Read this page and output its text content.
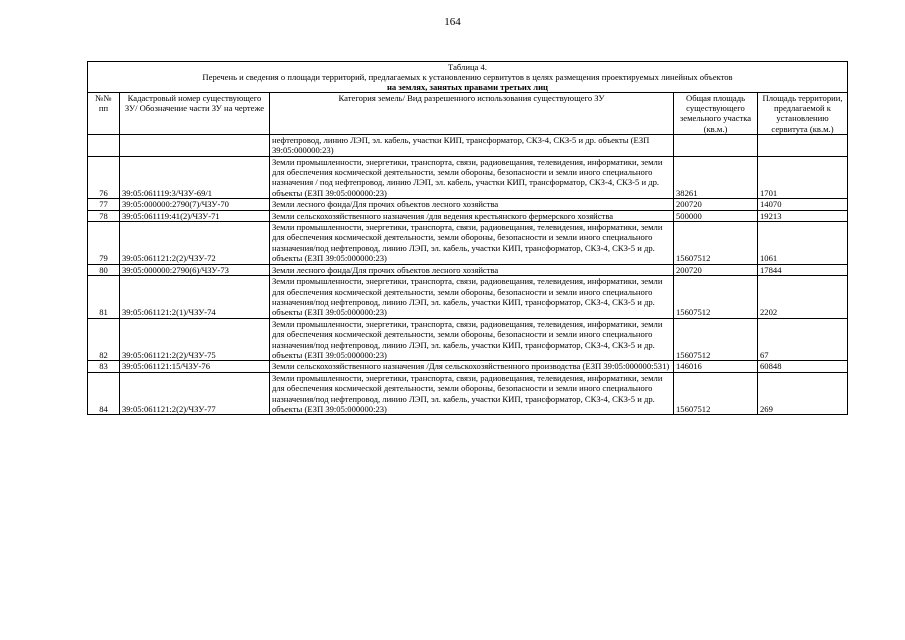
164
Таблица 4.
Перечень и сведения о площади территорий, предлагаемых к установлению сервитутов в целях размещения проектируемых линейных объектов
на землях, занятых правами третьих лиц				

№№ пп	Кадастровый номер существующего ЗУ/ Обозначение части ЗУ на чертеже	Категория земель/ Вид разрешенного использования существующего ЗУ	Общая площадь существующего земельного участка (кв.м.)	Площадь территории, предлагаемой к установлению сервитута (кв.м.)
		нефтепровод, линию ЛЭП, эл. кабель, участки КИП, трансформатор, СКЗ-4, СКЗ-5 и др. объекты (ЕЗП 39:05:000000:23)		
76	39:05:061119:3/ЧЗУ-69/1	Земли промышленности, энергетики, транспорта, связи, радиовещания, телевидения, информатики, земли для обеспечения космической деятельности, земли обороны, безопасности и земли иного специального назначения / под нефтепровод, линию ЛЭП, эл. кабель, участки КИП, трансформатор, СКЗ-4, СКЗ-5 и др. объекты (ЕЗП 39:05:000000:23)	38261	1701
77	39:05:000000:2790(7)/ЧЗУ-70	Земли лесного фонда/Для прочих объектов лесного хозяйства	200720	14070
78	39:05:061119:41(2)/ЧЗУ-71	Земли сельскохозяйственного назначения /для ведения крестьянского фермерского хозяйства	500000	19213
79	39:05:061121:2(2)/ЧЗУ-72	Земли промышленности, энергетики, транспорта, связи, радиовещания, телевидения, информатики, земли для обеспечения космической деятельности, земли обороны, безопасности и земли иного специального назначения/под нефтепровод, линию ЛЭП, эл. кабель, участки КИП, трансформатор, СКЗ-4, СКЗ-5 и др. объекты (ЕЗП 39:05:000000:23)	15607512	1061
80	39:05:000000:2790(6)/ЧЗУ-73	Земли лесного фонда/Для прочих объектов лесного хозяйства	200720	17844
81	39:05:061121:2(1)/ЧЗУ-74	Земли промышленности, энергетики, транспорта, связи, радиовещания, телевидения, информатики, земли для обеспечения космической деятельности, земли обороны, безопасности и земли иного специального назначения/под нефтепровод, линию ЛЭП, эл. кабель, участки КИП, трансформатор, СКЗ-4, СКЗ-5 и др. объекты (ЕЗП 39:05:000000:23)	15607512	2202
82	39:05:061121:2(2)/ЧЗУ-75	Земли промышленности, энергетики, транспорта, связи, радиовещания, телевидения, информатики, земли для обеспечения космической деятельности, земли обороны, безопасности и земли иного специального назначения/под нефтепровод, линию ЛЭП, эл. кабель, участки КИП, трансформатор, СКЗ-4, СКЗ-5 и др. объекты (ЕЗП 39:05:000000:23)	15607512	67
83	39:05:061121:15/ЧЗУ-76	Земли сельскохозяйственного назначения /Для сельскохозяйственного производства (ЕЗП 39:05:000000:531)	146016	60848
84	39:05:061121:2(2)/ЧЗУ-77	Земли промышленности, энергетики, транспорта, связи, радиовещания, телевидения, информатики, земли для обеспечения космической деятельности, земли обороны, безопасности и земли иного специального назначения/под нефтепровод, линию ЛЭП, эл. кабель, участки КИП, трансформатор, СКЗ-4, СКЗ-5 и др. объекты (ЕЗП 39:05:000000:23)	15607512	269
